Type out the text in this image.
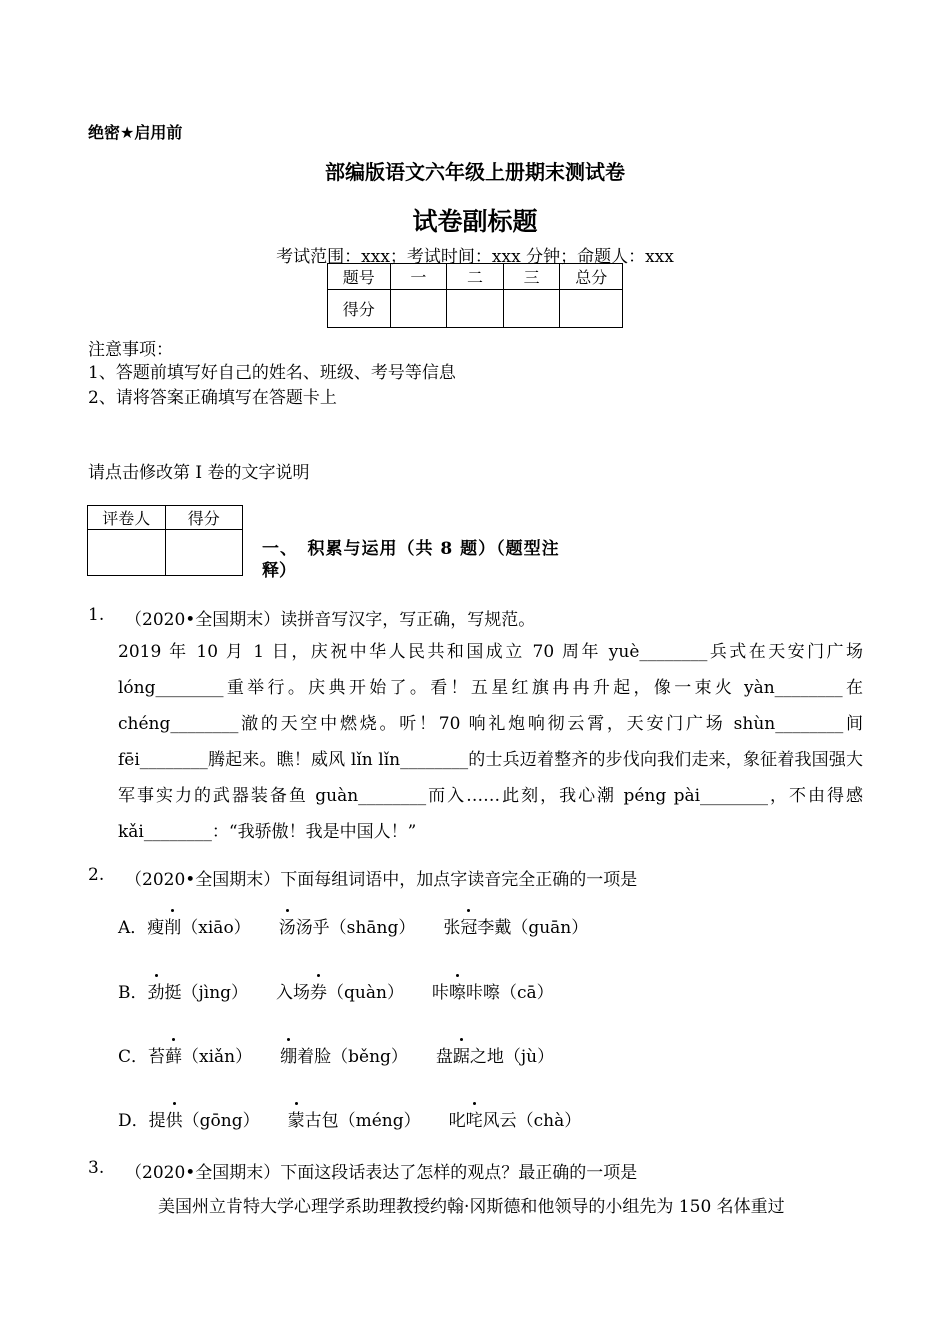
绝密★启用前
部编版语文六年级上册期末测试卷
试卷副标题
考试范围：xxx；考试时间：xxx 分钟；命题人：xxx
题号	一	二	三	总分
得分				
注意事项：
1、答题前填写好自己的姓名、班级、考号等信息
2、请将答案正确填写在答题卡上
请点击修改第 I 卷的文字说明
评卷人	得分

一、　积累与运用（共 8 题）（题型注
释）
1. （2020•全国期末）读拼音写汉字，写正确，写规范。
2019 年 10 月 1 日，庆祝中华人民共和国成立 70 周年 yuè________兵式在天安门广场 lóng________重举行。庆典开始了。看！五星红旗冉冉升起，像一束火 yàn________在 chéng________澈的天空中燃烧。听！70 响礼炮响彻云霄，天安门广场 shùn________间 fēi________腾起来。瞧！威风 lǐn lǐn________的士兵迈着整齐的步伐向我们走来，象征着我国强大军事实力的武器装备鱼 guàn________而入……此刻，我心潮 péng pài________，不由得感 kǎi________：“我骄傲！我是中国人！”
2. （2020•全国期末）下面每组词语中，加点字读音完全正确的一项是
A．瘦削（xiāo） 汤汤乎（shāng） 张冠李戴（guān）
B．劲挺（jìng） 入场券（quàn） 咔嚓咔嚓（cā）
C．苔藓（xiǎn） 绷着脸（běng） 盘踞之地（jù）
D．提供（gōng） 蒙古包（méng） 叱咤风云（chà）
3. （2020•全国期末）下面这段话表达了怎样的观点？最正确的一项是
美国州立肯特大学心理学系助理教授约翰·冈斯德和他领导的小组先为 150 名体重过
